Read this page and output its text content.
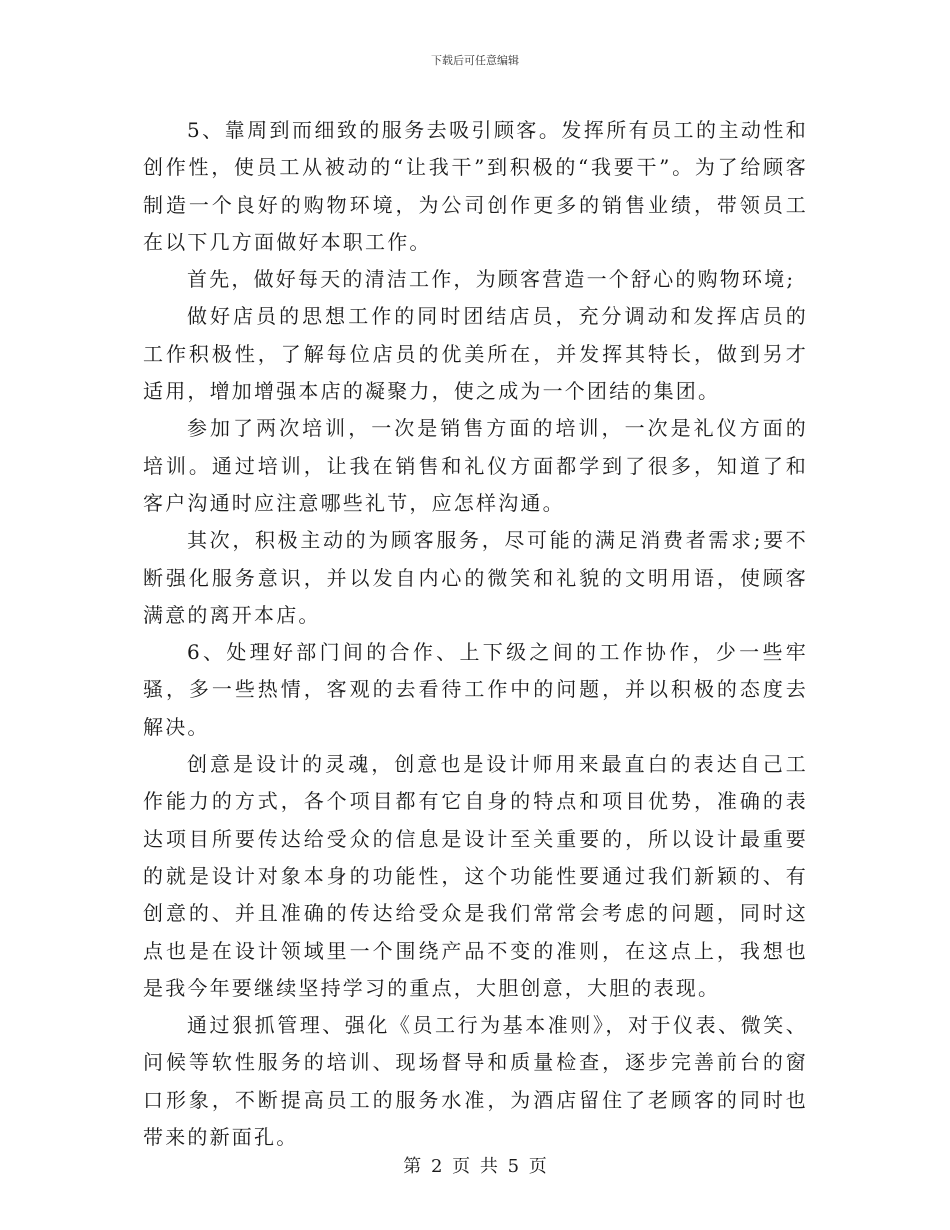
下载后可任意编辑

5、靠周到而细致的服务去吸引顾客。发挥所有员工的主动性和创作性，使员工从被动的“让我干”到积极的“我要干”。为了给顾客制造一个良好的购物环境，为公司创作更多的销售业绩，带领员工在以下几方面做好本职工作。

首先，做好每天的清洁工作，为顾客营造一个舒心的购物环境;

做好店员的思想工作的同时团结店员，充分调动和发挥店员的工作积极性，了解每位店员的优美所在，并发挥其特长，做到另才适用，增加增强本店的凝聚力，使之成为一个团结的集团。

参加了两次培训，一次是销售方面的培训，一次是礼仪方面的培训。通过培训，让我在销售和礼仪方面都学到了很多，知道了和客户沟通时应注意哪些礼节，应怎样沟通。

其次，积极主动的为顾客服务，尽可能的满足消费者需求;要不断强化服务意识，并以发自内心的微笑和礼貌的文明用语，使顾客满意的离开本店。

6、处理好部门间的合作、上下级之间的工作协作，少一些牢骚，多一些热情，客观的去看待工作中的问题，并以积极的态度去解决。

创意是设计的灵魂，创意也是设计师用来最直白的表达自己工作能力的方式，各个项目都有它自身的特点和项目优势，准确的表达项目所要传达给受众的信息是设计至关重要的，所以设计最重要的就是设计对象本身的功能性，这个功能性要通过我们新颖的、有创意的、并且准确的传达给受众是我们常常会考虑的问题，同时这点也是在设计领域里一个围绕产品不变的准则，在这点上，我想也是我今年要继续坚持学习的重点，大胆创意，大胆的表现。

通过狠抓管理、强化《员工行为基本准则》，对于仪表、微笑、问候等软性服务的培训、现场督导和质量检查，逐步完善前台的窗口形象，不断提高员工的服务水准，为酒店留住了老顾客的同时也带来的新面孔。

第 2 页 共 5 页
